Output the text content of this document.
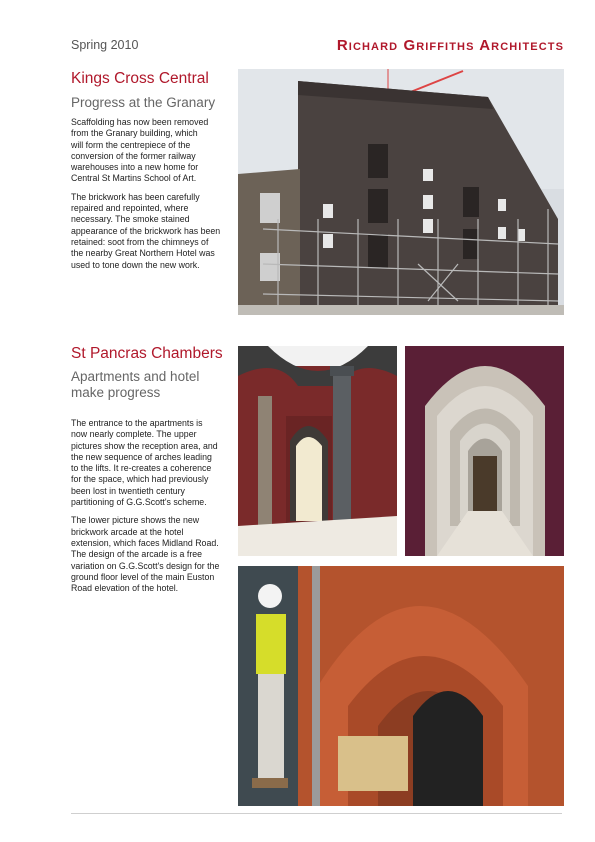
Spring 2010	Richard Griffiths Architects
Kings Cross Central
Progress at the Granary

Scaffolding has now been removed
from the Granary building, which
will form the centrepiece of the
conversion of the former railway
warehouses into a new home for
Central St Martins School of Art.

The brickwork has been carefully
repaired and repointed, where
necessary. The smoke stained
appearance of the brickwork has been
retained: soot from the chimneys of
the nearby Great Northern Hotel was
used to tone down the new work.

St Pancras Chambers
Apartments and hotel
make progress

The entrance to the apartments is
now nearly complete. The upper
pictures show the reception area, and
the new sequence of arches leading
to the lifts. It re-creates a coherence
for the space, which had previously
been lost in twentieth century
partitioning of G.G.Scott's scheme.

The lower picture shows the new
brickwork arcade at the hotel
extension, which faces Midland Road.
The design of the arcade is a free
variation on G.G.Scott's design for the
ground floor level of the main Euston
Road elevation of the hotel.
